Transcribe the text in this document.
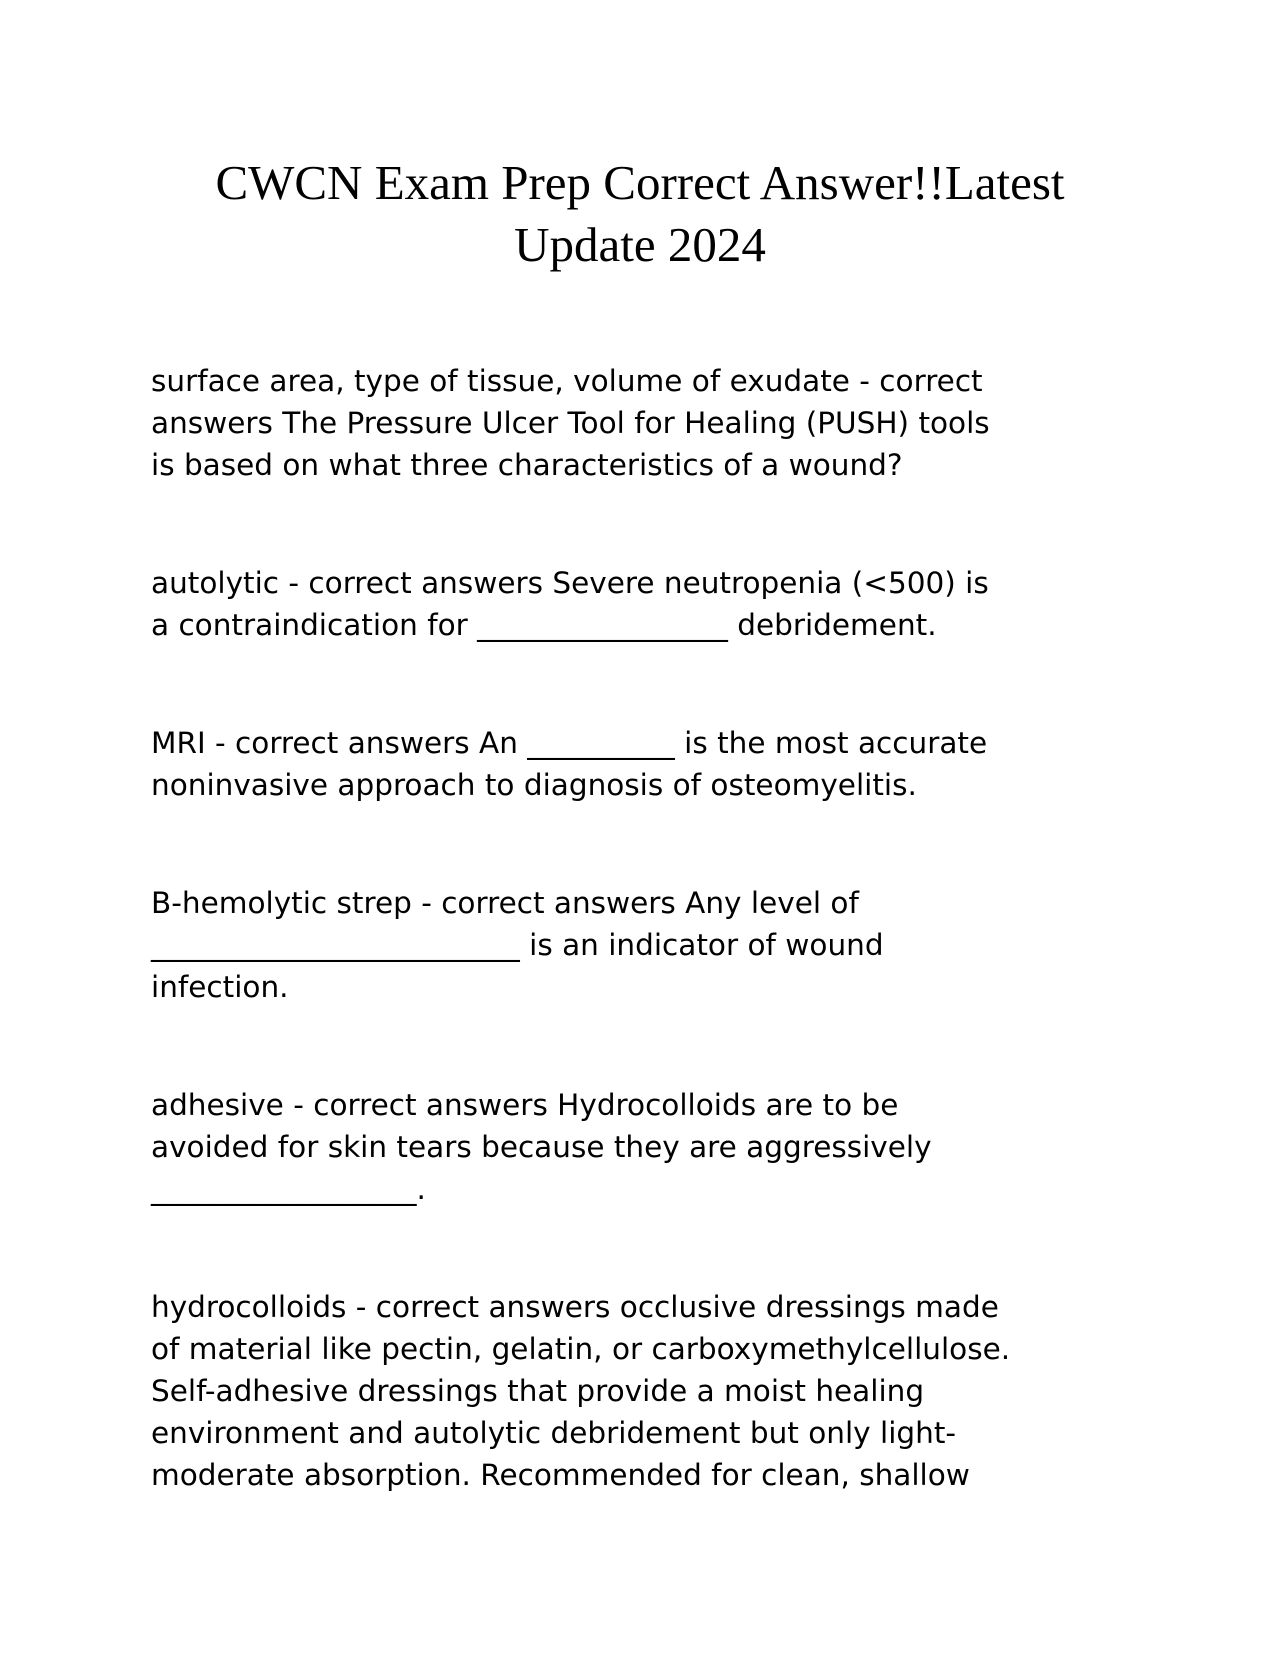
CWCN Exam Prep Correct Answer!!Latest
Update 2024

surface area, type of tissue, volume of exudate - correct
answers The Pressure Ulcer Tool for Healing (PUSH) tools
is based on what three characteristics of a wound?

autolytic - correct answers Severe neutropenia (<500) is
a contraindication for _________________ debridement.

MRI - correct answers An __________ is the most accurate
noninvasive approach to diagnosis of osteomyelitis.

B-hemolytic strep - correct answers Any level of
_________________________ is an indicator of wound
infection.

adhesive - correct answers Hydrocolloids are to be
avoided for skin tears because they are aggressively
__________________.

hydrocolloids - correct answers occlusive dressings made
of material like pectin, gelatin, or carboxymethylcellulose.
Self-adhesive dressings that provide a moist healing
environment and autolytic debridement but only light-
moderate absorption. Recommended for clean, shallow
